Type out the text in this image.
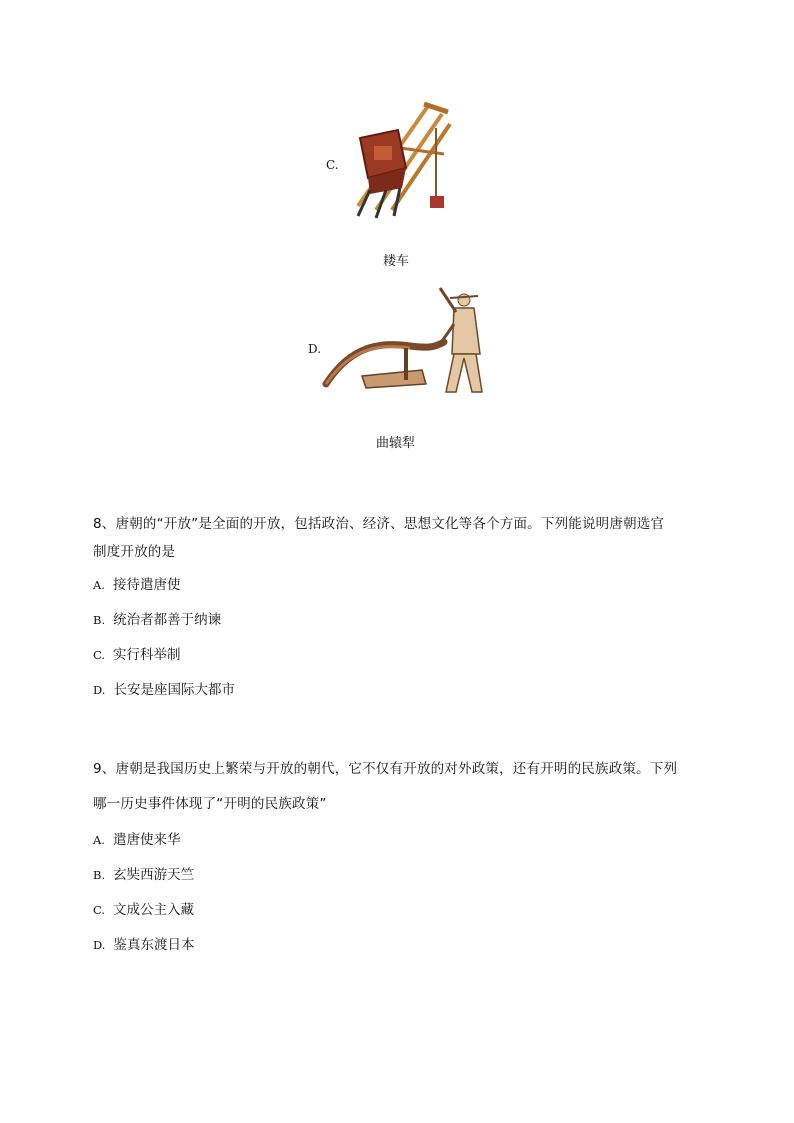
C.
耧车
D.
曲辕犁
8、唐朝的“开放”是全面的开放，包括政治、经济、思想文化等各个方面。下列能说明唐朝选官
制度开放的是
A. 接待遣唐使
B. 统治者都善于纳谏
C. 实行科举制
D. 长安是座国际大都市
9、唐朝是我国历史上繁荣与开放的朝代，它不仅有开放的对外政策，还有开明的民族政策。下列
哪一历史事件体现了“开明的民族政策”
A. 遣唐使来华
B. 玄奘西游天竺
C. 文成公主入藏
D. 鉴真东渡日本
